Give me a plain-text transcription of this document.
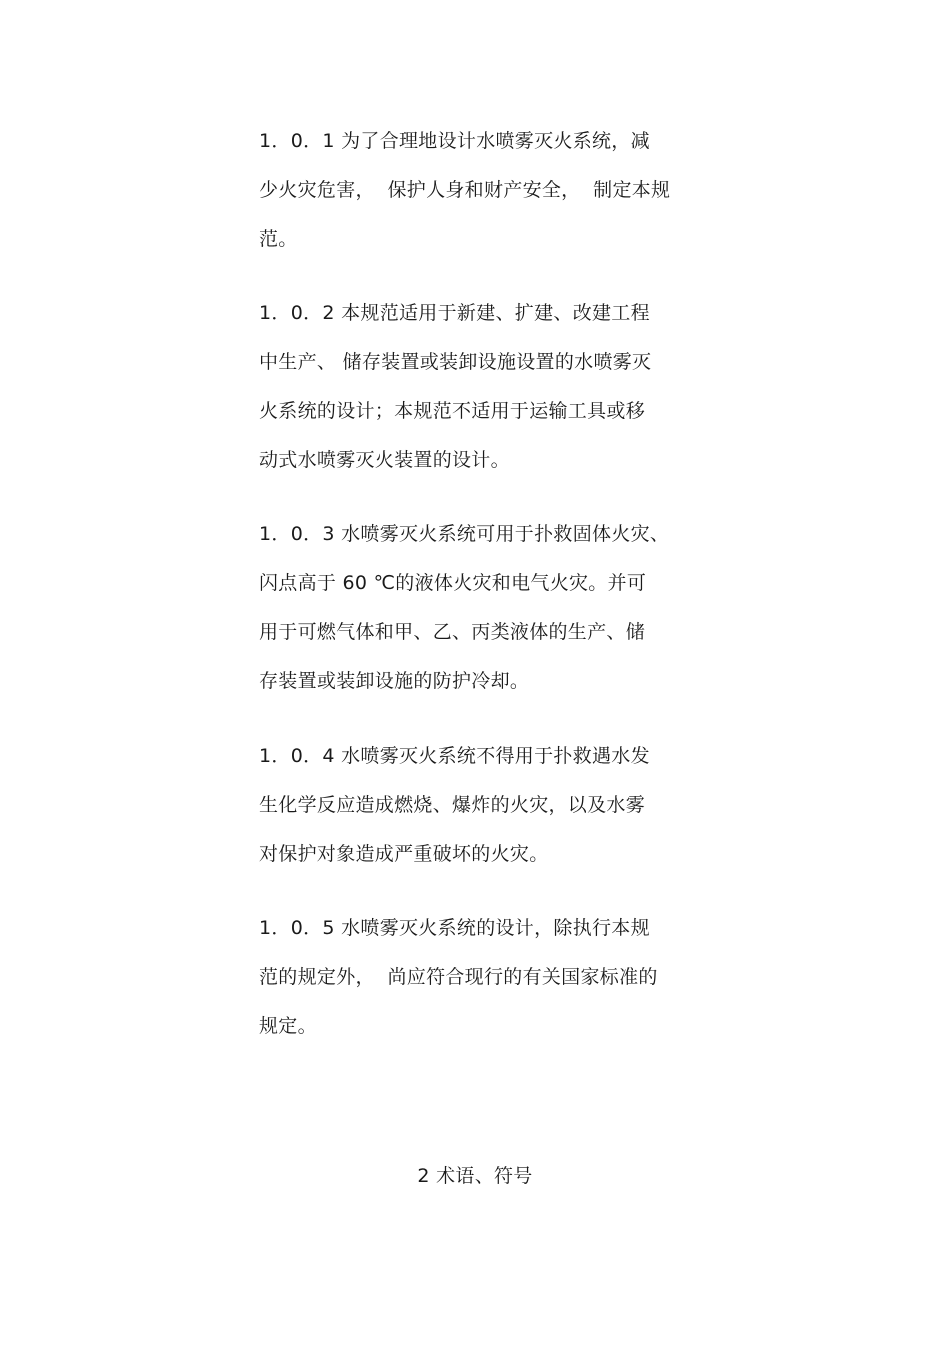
1．0．1 为了合理地设计水喷雾灭火系统，减
少火灾危害，  保护人身和财产安全，  制定本规
范。

1．0．2 本规范适用于新建、扩建、改建工程
中生产、 储存装置或装卸设施设置的水喷雾灭
火系统的设计；本规范不适用于运输工具或移
动式水喷雾灭火装置的设计。

1．0．3 水喷雾灭火系统可用于扑救固体火灾、
闪点高于 60 ℃的液体火灾和电气火灾。并可
用于可燃气体和甲、乙、丙类液体的生产、储
存装置或装卸设施的防护冷却。

1．0．4 水喷雾灭火系统不得用于扑救遇水发
生化学反应造成燃烧、爆炸的火灾，以及水雾
对保护对象造成严重破坏的火灾。

1．0．5 水喷雾灭火系统的设计，除执行本规
范的规定外，  尚应符合现行的有关国家标准的
规定。

2 术语、符号
